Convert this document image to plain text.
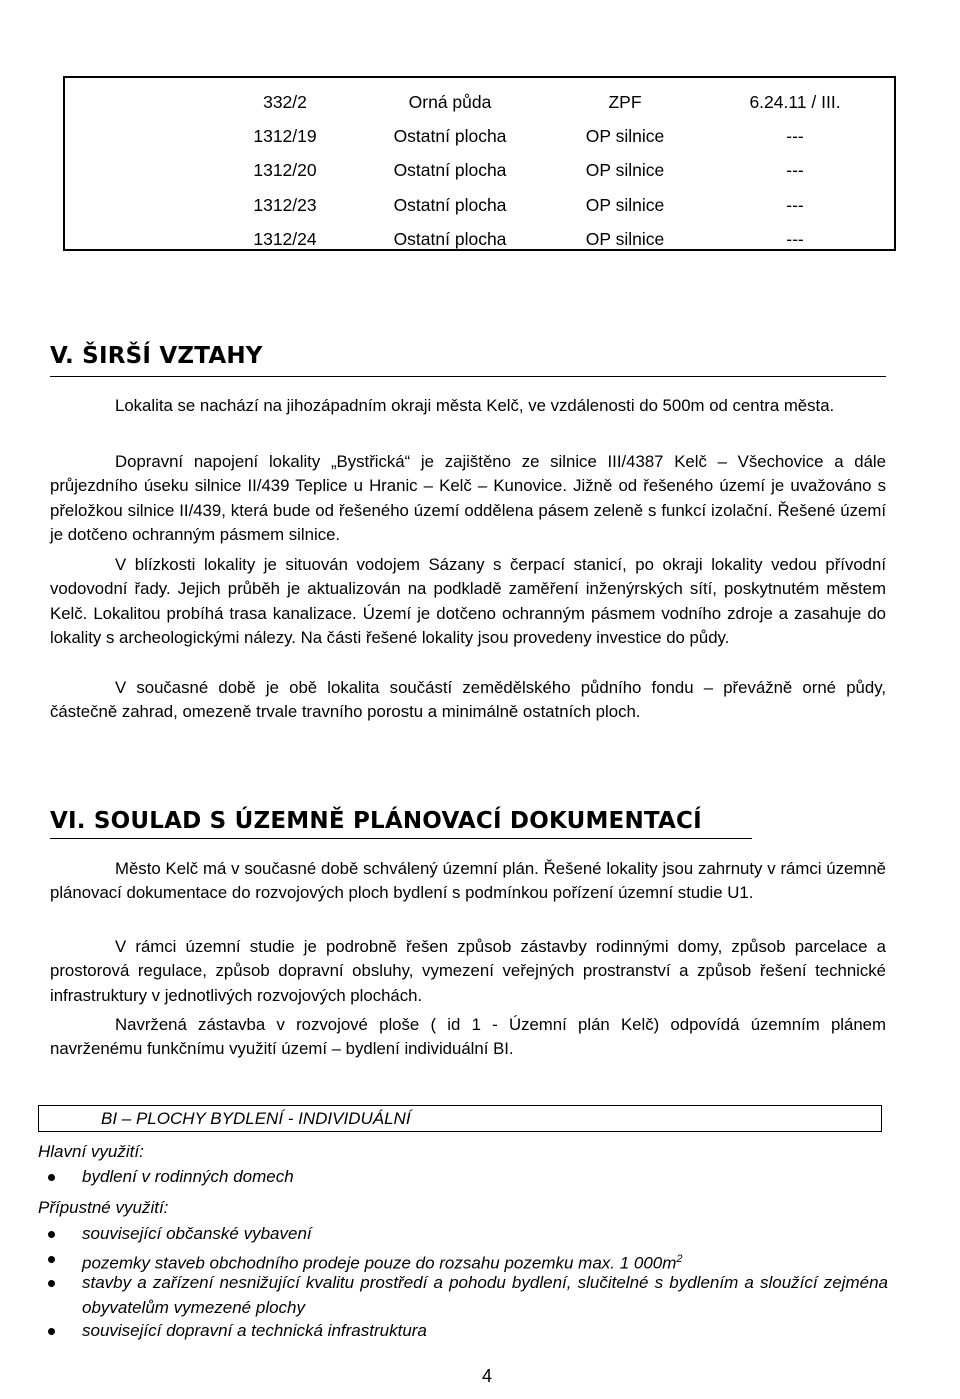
332/2	Orná půda	ZPF	6.24.11 / III.
1312/19	Ostatní plocha	OP silnice	---
1312/20	Ostatní plocha	OP silnice	---
1312/23	Ostatní plocha	OP silnice	---
1312/24	Ostatní plocha	OP silnice	---
V. ŠIRŠÍ VZTAHY

Lokalita se nachází na jihozápadním okraji města Kelč, ve vzdálenosti do 500m od centra města.

Dopravní napojení lokality „Bystřická“ je zajištěno ze silnice III/4387 Kelč – Všechovice a dále průjezdního úseku silnice II/439 Teplice u Hranic – Kelč – Kunovice. Jižně od řešeného území je uvažováno s přeložkou silnice II/439, která bude od řešeného území oddělena pásem zeleně s funkcí izolační. Řešené území je dotčeno ochranným pásmem silnice.

V blízkosti lokality je situován vodojem Sázany s čerpací stanicí, po okraji lokality vedou přívodní vodovodní řady. Jejich průběh je aktualizován na podkladě zaměření inženýrských sítí, poskytnutém městem Kelč. Lokalitou probíhá trasa kanalizace. Území je dotčeno ochranným pásmem vodního zdroje a zasahuje do lokality s archeologickými nálezy. Na části řešené lokality jsou provedeny investice do půdy.

V současné době je obě lokalita součástí zemědělského půdního fondu – převážně orné půdy, částečně zahrad, omezeně trvale travního porostu a minimálně ostatních ploch.

VI. SOULAD S ÚZEMNĚ PLÁNOVACÍ DOKUMENTACÍ

Město Kelč má v současné době schválený územní plán. Řešené lokality jsou zahrnuty v rámci územně plánovací dokumentace do rozvojových ploch bydlení s podmínkou pořízení územní studie U1.

V rámci územní studie je podrobně řešen způsob zástavby rodinnými domy, způsob parcelace a prostorová regulace, způsob dopravní obsluhy, vymezení veřejných prostranství a způsob řešení technické infrastruktury v jednotlivých rozvojových plochách.

Navržená zástavba v rozvojové ploše ( id 1 - Územní plán Kelč) odpovídá územním plánem navrženému funkčnímu využití území – bydlení individuální BI.

BI – PLOCHY BYDLENÍ - INDIVIDUÁLNÍ
Hlavní využití:
bydlení v rodinných domech
Přípustné využití:
související občanské vybavení
pozemky staveb obchodního prodeje pouze do rozsahu pozemku max. 1 $000m^2$
stavby a zařízení nesnižující kvalitu prostředí a pohodu bydlení, slučitelné s bydlením a sloužící zejména obyvatelům vymezené plochy
související dopravní a technická infrastruktura
4
